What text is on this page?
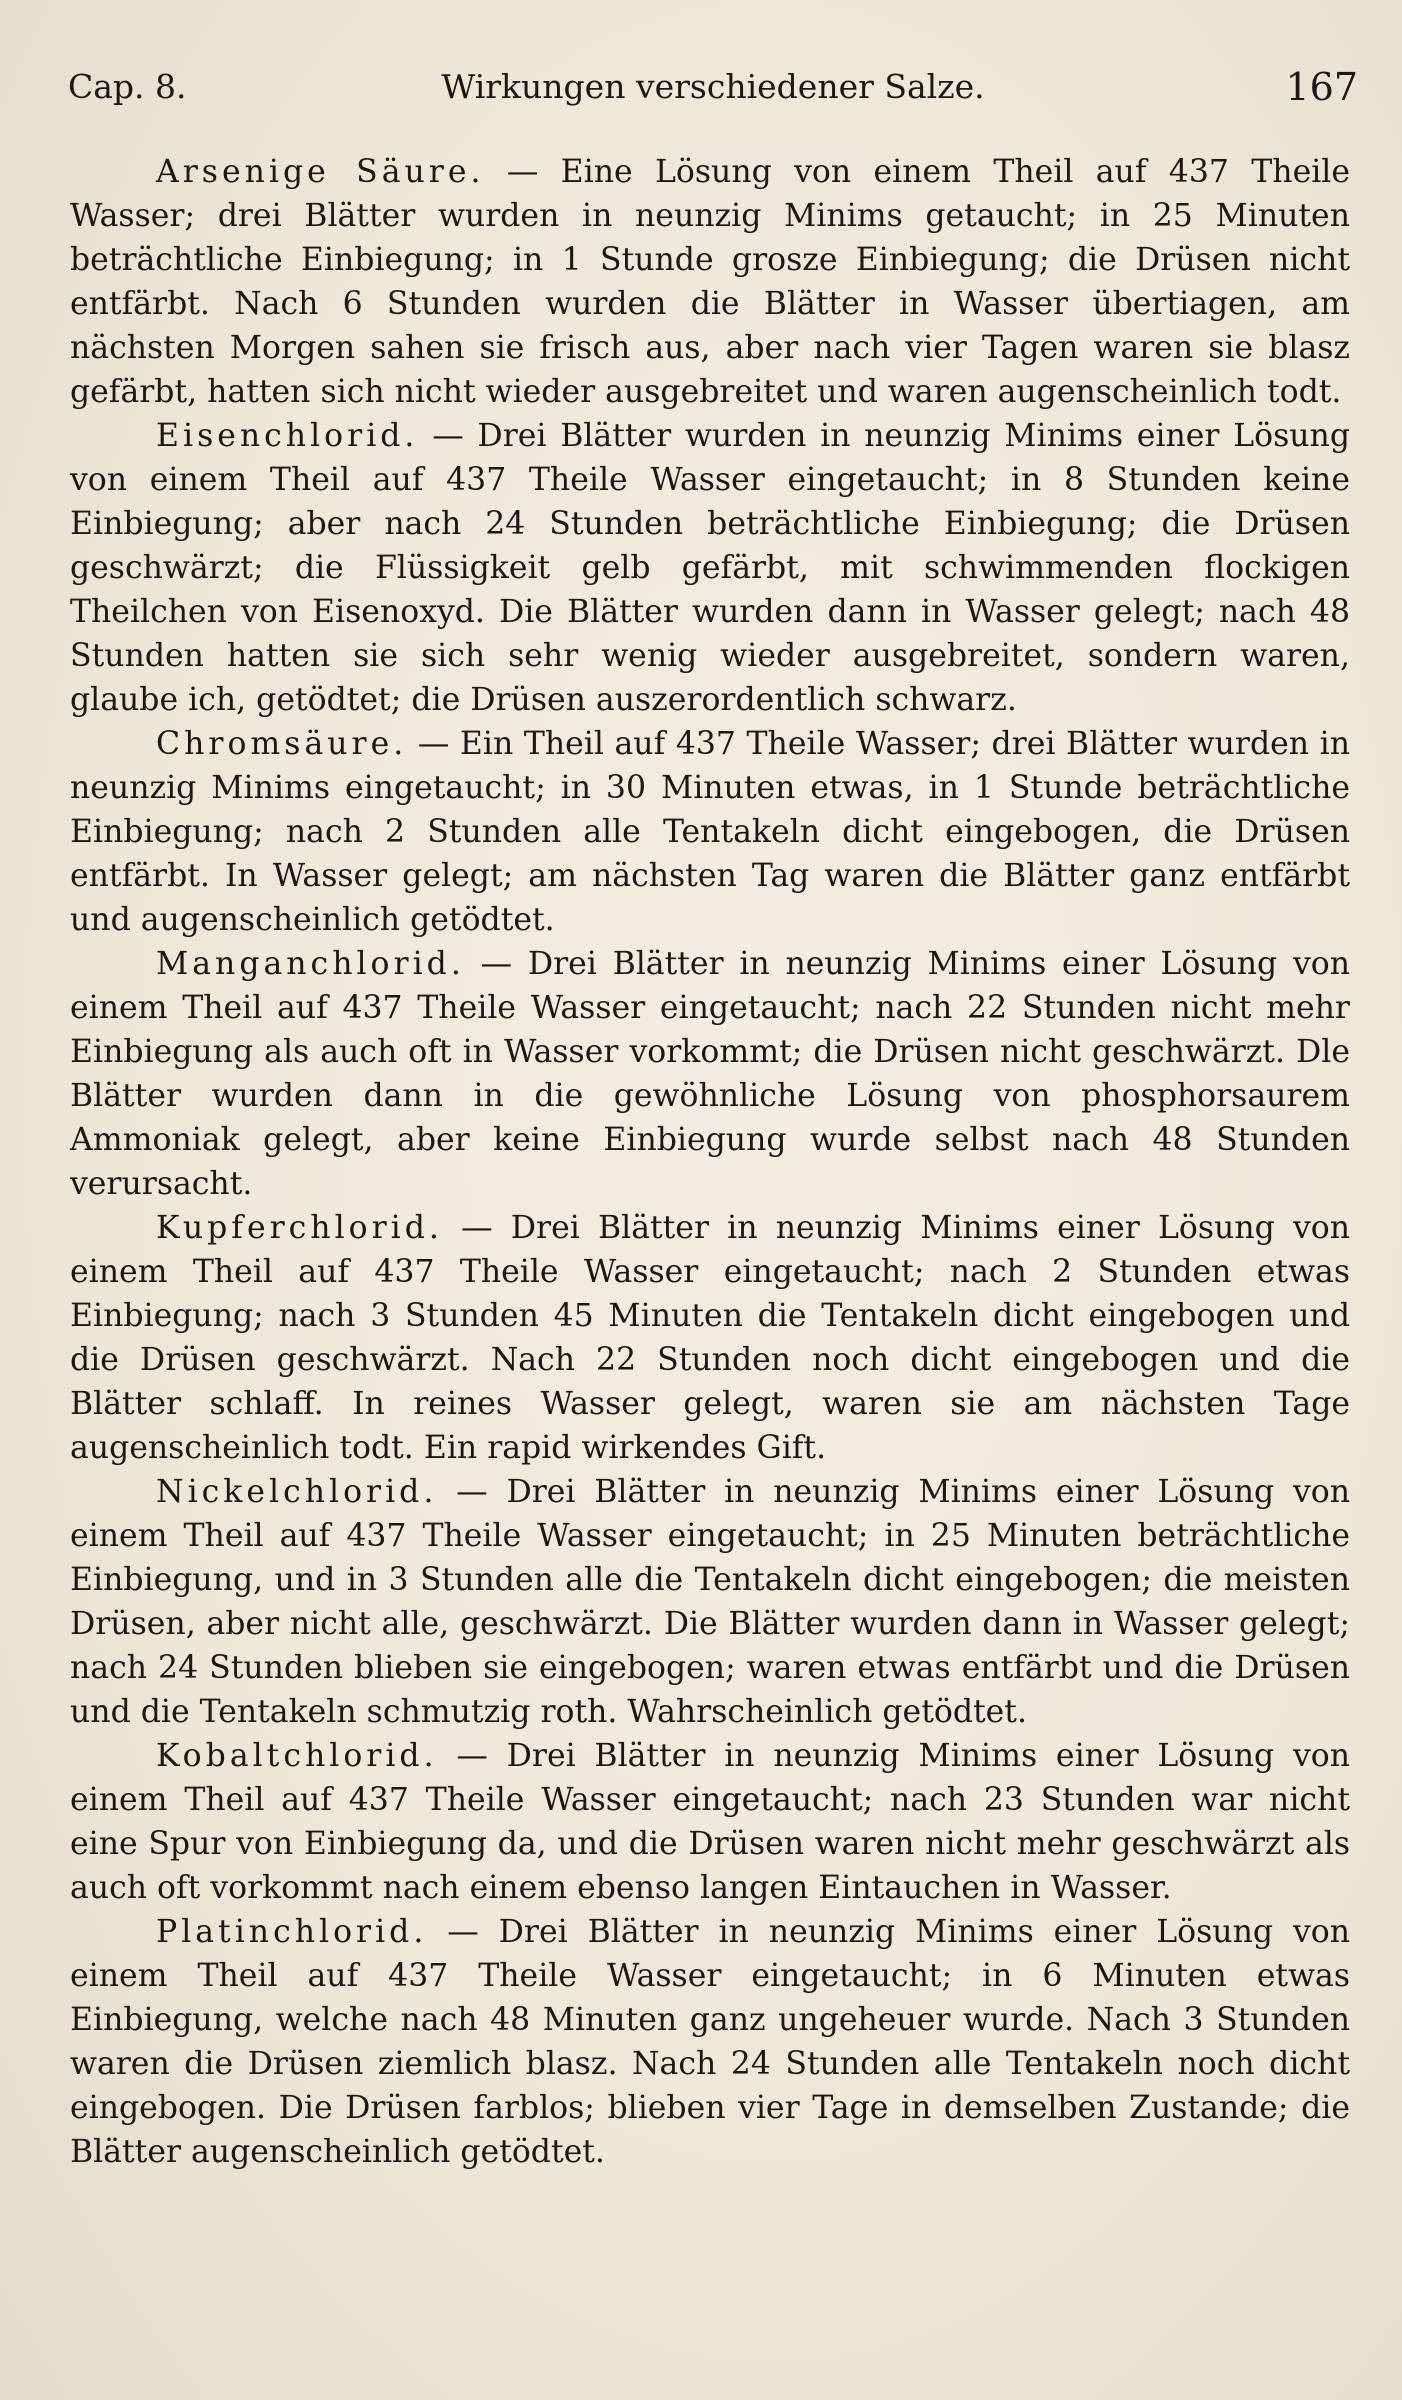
Cap. 8.	Wirkungen verschiedener Salze.	167

Arsenige Säure. — Eine Lösung von einem Theil auf 437 Theile Wasser; drei Blätter wurden in neunzig Minims getaucht; in 25 Minuten beträchtliche Einbiegung; in 1 Stunde grosze Einbiegung; die Drüsen nicht entfärbt. Nach 6 Stunden wurden die Blätter in Wasser übertiagen, am nächsten Morgen sahen sie frisch aus, aber nach vier Tagen waren sie blasz gefärbt, hatten sich nicht wieder ausgebreitet und waren augenscheinlich todt.

Eisenchlorid. — Drei Blätter wurden in neunzig Minims einer Lösung von einem Theil auf 437 Theile Wasser eingetaucht; in 8 Stunden keine Einbiegung; aber nach 24 Stunden beträchtliche Einbiegung; die Drüsen geschwärzt; die Flüssigkeit gelb gefärbt, mit schwimmenden flockigen Theilchen von Eisenoxyd. Die Blätter wurden dann in Wasser gelegt; nach 48 Stunden hatten sie sich sehr wenig wieder ausgebreitet, sondern waren, glaube ich, getödtet; die Drüsen auszerordentlich schwarz.

Chromsäure. — Ein Theil auf 437 Theile Wasser; drei Blätter wurden in neunzig Minims eingetaucht; in 30 Minuten etwas, in 1 Stunde beträchtliche Einbiegung; nach 2 Stunden alle Tentakeln dicht eingebogen, die Drüsen entfärbt. In Wasser gelegt; am nächsten Tag waren die Blätter ganz entfärbt und augenscheinlich getödtet.

Manganchlorid. — Drei Blätter in neunzig Minims einer Lösung von einem Theil auf 437 Theile Wasser eingetaucht; nach 22 Stunden nicht mehr Einbiegung als auch oft in Wasser vorkommt; die Drüsen nicht geschwärzt. Dle Blätter wurden dann in die gewöhnliche Lösung von phosphorsaurem Ammoniak gelegt, aber keine Einbiegung wurde selbst nach 48 Stunden verursacht.

Kupferchlorid. — Drei Blätter in neunzig Minims einer Lösung von einem Theil auf 437 Theile Wasser eingetaucht; nach 2 Stunden etwas Einbiegung; nach 3 Stunden 45 Minuten die Tentakeln dicht eingebogen und die Drüsen geschwärzt. Nach 22 Stunden noch dicht eingebogen und die Blätter schlaff. In reines Wasser gelegt, waren sie am nächsten Tage augenscheinlich todt. Ein rapid wirkendes Gift.

Nickelchlorid. — Drei Blätter in neunzig Minims einer Lösung von einem Theil auf 437 Theile Wasser eingetaucht; in 25 Minuten beträchtliche Einbiegung, und in 3 Stunden alle die Tentakeln dicht eingebogen; die meisten Drüsen, aber nicht alle, geschwärzt. Die Blätter wurden dann in Wasser gelegt; nach 24 Stunden blieben sie eingebogen; waren etwas entfärbt und die Drüsen und die Tentakeln schmutzig roth. Wahrscheinlich getödtet.

Kobaltchlorid. — Drei Blätter in neunzig Minims einer Lösung von einem Theil auf 437 Theile Wasser eingetaucht; nach 23 Stunden war nicht eine Spur von Einbiegung da, und die Drüsen waren nicht mehr geschwärzt als auch oft vorkommt nach einem ebenso langen Eintauchen in Wasser.

Platinchlorid. — Drei Blätter in neunzig Minims einer Lösung von einem Theil auf 437 Theile Wasser eingetaucht; in 6 Minuten etwas Einbiegung, welche nach 48 Minuten ganz ungeheuer wurde. Nach 3 Stunden waren die Drüsen ziemlich blasz. Nach 24 Stunden alle Tentakeln noch dicht eingebogen. Die Drüsen farblos; blieben vier Tage in demselben Zustande; die Blätter augenscheinlich getödtet.
